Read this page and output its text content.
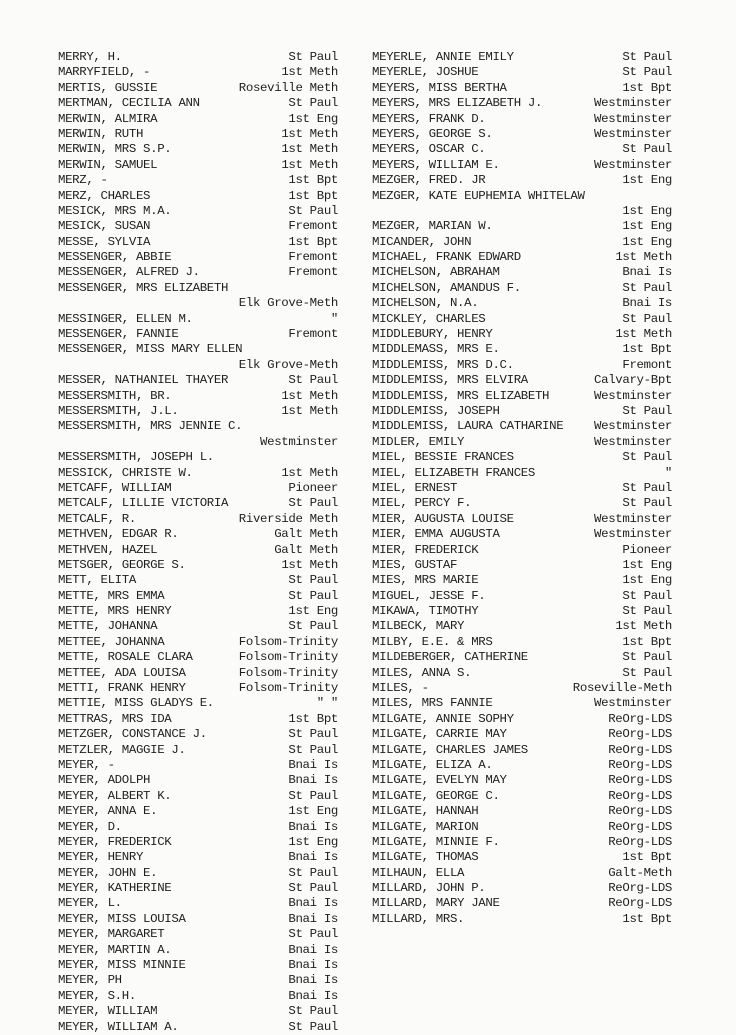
MERRY, H.	St Paul
MARRYFIELD, -	1st Meth
MERTIS, GUSSIE	Roseville Meth
MERTMAN, CECILIA ANN	St Paul
MERWIN, ALMIRA	1st Eng
MERWIN, RUTH	1st Meth
MERWIN, MRS S.P.	1st Meth
MERWIN, SAMUEL	1st Meth
MERZ, -	1st Bpt
MERZ, CHARLES	1st Bpt
MESICK, MRS M.A.	St Paul
MESICK, SUSAN	Fremont
MESSE, SYLVIA	1st Bpt
MESSENGER, ABBIE	Fremont
MESSENGER, ALFRED J.	Fremont
MESSENGER, MRS ELIZABETH
Elk Grove-Meth
MESSINGER, ELLEN M.	"
MESSENGER, FANNIE	Fremont
MESSENGER, MISS MARY ELLEN
Elk Grove-Meth
MESSER, NATHANIEL THAYER	St Paul
MESSERSMITH, BR.	1st Meth
MESSERSMITH, J.L.	1st Meth
MESSERSMITH, MRS JENNIE C.
Westminster
MESSERSMITH, JOSEPH L.
MESSICK, CHRISTE W.	1st Meth
METCAFF, WILLIAM	Pioneer
METCALF, LILLIE VICTORIA	St Paul
METCALF, R.	Riverside Meth
METHVEN, EDGAR R.	Galt Meth
METHVEN, HAZEL	Galt Meth
METSGER, GEORGE S.	1st Meth
METT, ELITA	St Paul
METTE, MRS EMMA	St Paul
METTE, MRS HENRY	1st Eng
METTE, JOHANNA	St Paul
METTEE, JOHANNA	Folsom-Trinity
METTE, ROSALE CLARA	Folsom-Trinity
METTEE, ADA LOUISA	Folsom-Trinity
METTI, FRANK HENRY	Folsom-Trinity
METTIE, MISS GLADYS E.	" "
METTRAS, MRS IDA	1st Bpt
METZGER, CONSTANCE J.	St Paul
METZLER, MAGGIE J.	St Paul
MEYER, -	Bnai Is
MEYER, ADOLPH	Bnai Is
MEYER, ALBERT K.	St Paul
MEYER, ANNA E.	1st Eng
MEYER, D.	Bnai Is
MEYER, FREDERICK	1st Eng
MEYER, HENRY	Bnai Is
MEYER, JOHN E.	St Paul
MEYER, KATHERINE	St Paul
MEYER, L.	Bnai Is
MEYER, MISS LOUISA	Bnai Is
MEYER, MARGARET	St Paul
MEYER, MARTIN A.	Bnai Is
MEYER, MISS MINNIE	Bnai Is
MEYER, PH	Bnai Is
MEYER, S.H.	Bnai Is
MEYER, WILLIAM	St Paul
MEYER, WILLIAM A.	St Paul
MEYERLE, ANNIE EMILY	St Paul
MEYERLE, JOSHUE	St Paul
MEYERS, MISS BERTHA	1st Bpt
MEYERS, MRS ELIZABETH J.	Westminster
MEYERS, FRANK D.	Westminster
MEYERS, GEORGE S.	Westminster
MEYERS, OSCAR C.	St Paul
MEYERS, WILLIAM E.	Westminster
MEZGER, FRED. JR	1st Eng
MEZGER, KATE EUPHEMIA WHITELAW
1st Eng
MEZGER, MARIAN W.	1st Eng
MICANDER, JOHN	1st Eng
MICHAEL, FRANK EDWARD	1st Meth
MICHELSON, ABRAHAM	Bnai Is
MICHELSON, AMANDUS F.	St Paul
MICHELSON, N.A.	Bnai Is
MICKLEY, CHARLES	St Paul
MIDDLEBURY, HENRY	1st Meth
MIDDLEMASS, MRS E.	1st Bpt
MIDDLEMISS, MRS D.C.	Fremont
MIDDLEMISS, MRS ELVIRA	Calvary-Bpt
MIDDLEMISS, MRS ELIZABETH	Westminster
MIDDLEMISS, JOSEPH	St Paul
MIDDLEMISS, LAURA CATHARINE	Westminster
MIDLER, EMILY	Westminster
MIEL, BESSIE FRANCES	St Paul
MIEL, ELIZABETH FRANCES	"
MIEL, ERNEST	St Paul
MIEL, PERCY F.	St Paul
MIER, AUGUSTA LOUISE	Westminster
MIER, EMMA AUGUSTA	Westminster
MIER, FREDERICK	Pioneer
MIES, GUSTAF	1st Eng
MIES, MRS MARIE	1st Eng
MIGUEL, JESSE F.	St Paul
MIKAWA, TIMOTHY	St Paul
MILBECK, MARY	1st Meth
MILBY, E.E. & MRS	1st Bpt
MILDEBERGER, CATHERINE	St Paul
MILES, ANNA S.	St Paul
MILES, -	Roseville-Meth
MILES, MRS FANNIE	Westminster
MILGATE, ANNIE SOPHY	ReOrg-LDS
MILGATE, CARRIE MAY	ReOrg-LDS
MILGATE, CHARLES JAMES	ReOrg-LDS
MILGATE, ELIZA A.	ReOrg-LDS
MILGATE, EVELYN MAY	ReOrg-LDS
MILGATE, GEORGE C.	ReOrg-LDS
MILGATE, HANNAH	ReOrg-LDS
MILGATE, MARION	ReOrg-LDS
MILGATE, MINNIE F.	ReOrg-LDS
MILGATE, THOMAS	1st Bpt
MILHAUN, ELLA	Galt-Meth
MILLARD, JOHN P.	ReOrg-LDS
MILLARD, MARY JANE	ReOrg-LDS
MILLARD, MRS.	1st Bpt
